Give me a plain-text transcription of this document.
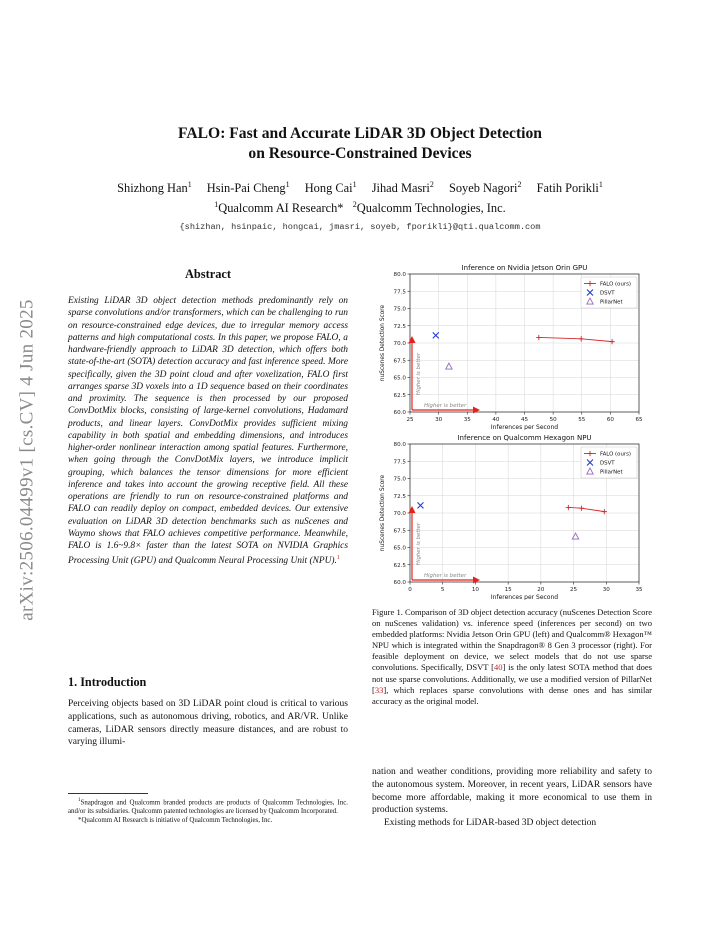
arXiv:2506.04499v1 [cs.CV] 4 Jun 2025
FALO: Fast and Accurate LiDAR 3D Object Detection
on Resource-Constrained Devices
Shizhong Han$^1$ Hsin-Pai Cheng$^1$ Hong Cai$^1$ Jihad Masri$^2$ Soyeb Nagori$^2$ Fatih Porikli$^1$
$^1$Qualcomm AI Research* $^2$Qualcomm Technologies, Inc.
{shizhan, hsinpaic, hongcai, jmasri, soyeb, fporikli}@qti.qualcomm.com
Abstract

Existing LiDAR 3D object detection methods predominantly rely on sparse convolutions and/or transformers, which can be challenging to run on resource-constrained edge devices, due to irregular memory access patterns and high computational costs. In this paper, we propose FALO, a hardware-friendly approach to LiDAR 3D detection, which offers both state-of-the-art (SOTA) detection accuracy and fast inference speed. More specifically, given the 3D point cloud and after voxelization, FALO first arranges sparse 3D voxels into a 1D sequence based on their coordinates and proximity. The sequence is then processed by our proposed ConvDotMix blocks, consisting of large-kernel convolutions, Hadamard products, and linear layers. ConvDotMix provides sufficient mixing capability in both spatial and embedding dimensions, and introduces higher-order nonlinear interaction among spatial features. Furthermore, when going through the ConvDotMix layers, we introduce implicit grouping, which balances the tensor dimensions for more efficient inference and takes into account the growing receptive field. All these operations are friendly to run on resource-constrained platforms and FALO can readily deploy on compact, embedded devices. Our extensive evaluation on LiDAR 3D detection benchmarks such as nuScenes and Waymo shows that FALO achieves competitive performance. Meanwhile, FALO is 1.6~9.8× faster than the latest SOTA on NVIDIA Graphics Processing Unit (GPU) and Qualcomm Neural Processing Unit (NPU).$^1$

1. Introduction

Perceiving objects based on 3D LiDAR point cloud is critical to various applications, such as autonomous driving, robotics, and AR/VR. Unlike cameras, LiDAR sensors directly measure distances, and are robust to varying illumi-

$^1$Snapdragon and Qualcomm branded products are products of Qualcomm Technologies, Inc. and/or its subsidiaries. Qualcomm patented technologies are licensed by Qualcomm Incorporated.

*Qualcomm AI Research is initiative of Qualcomm Technologies, Inc.

Inference on Nvidia Jetson Orin GPU
25	30	35	40	45	50	55	60	65
60.0
62.5
65.0
67.5
70.0
72.5
75.0
77.5
80.0
Inferences per Second
nuScenes Detection Score
Higher is better
Higher is better
FALO (ours)
DSVT
PillarNet
Inference on Qualcomm Hexagon NPU
0	5	10	15	20	25	30	35
60.0
62.5
65.0
67.5
70.0
72.5
75.0
77.5
80.0
Inferences per Second
nuScenes Detection Score
Higher is better
Higher is better
FALO (ours)
DSVT
PillarNet

Figure 1. Comparison of 3D object detection accuracy (nuScenes Detection Score on nuScenes validation) vs. inference speed (inferences per second) on two embedded platforms: Nvidia Jetson Orin GPU (left) and Qualcomm® Hexagon™ NPU which is integrated within the Snapdragon® 8 Gen 3 processor (right). For feasible deployment on device, we select models that do not use sparse convolutions. Specifically, DSVT [40] is the only latest SOTA method that does not use sparse convolutions. Additionally, we use a modified version of PillarNet [33], which replaces sparse convolutions with dense ones and has similar accuracy as the original model.

nation and weather conditions, providing more reliability and safety to the autonomous system. Moreover, in recent years, LiDAR sensors have become more affordable, making it more economical to use them in production systems.

Existing methods for LiDAR-based 3D object detection
